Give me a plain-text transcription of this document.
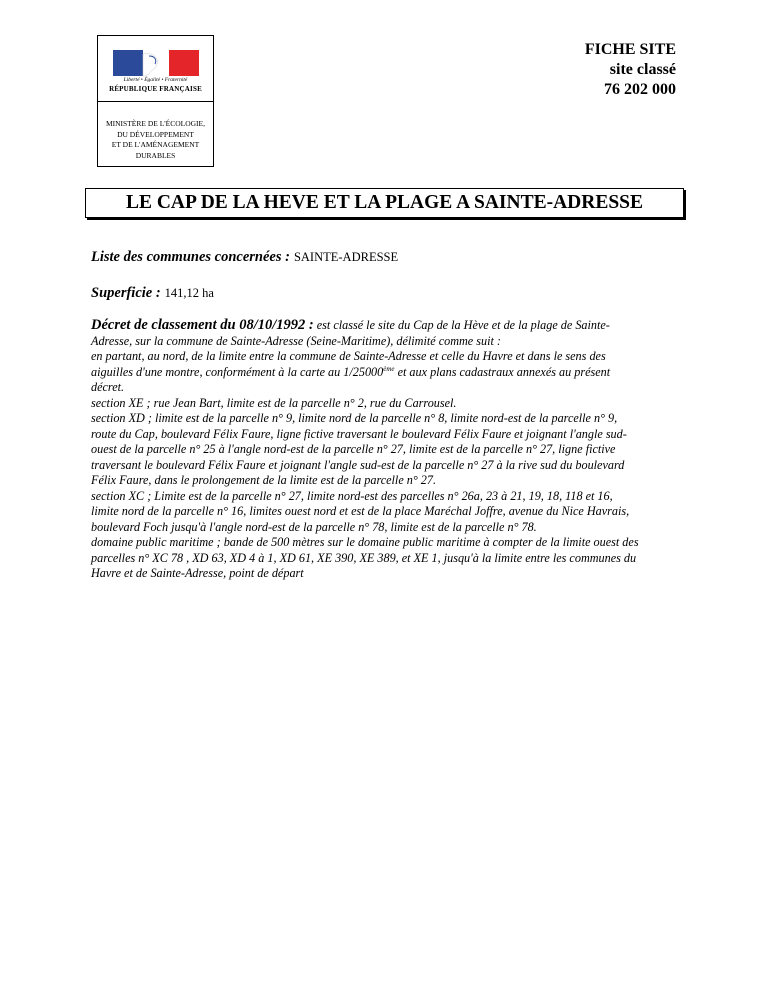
Liberté • Égalité • Fraternité
RÉPUBLIQUE FRANÇAISE
MINISTÈRE DE L'ÉCOLOGIE,
DU DÉVELOPPEMENT
ET DE L'AMÉNAGEMENT
DURABLES
FICHE SITE
site classé
76 202 000
LE CAP DE LA HEVE ET LA PLAGE A SAINTE-ADRESSE
Liste des communes concernées : SAINTE-ADRESSE
Superficie : 141,12 ha
Décret de classement du 08/10/1992 : est classé le site du Cap de la Hève et de la plage de Sainte-
Adresse, sur la commune de Sainte-Adresse (Seine-Maritime), délimité comme suit :
en partant, au nord, de la limite entre la commune de Sainte-Adresse et celle du Havre et dans le sens des
aiguilles d'une montre, conformément à la carte au 1/25000ème et aux plans cadastraux annexés au présent
décret.
section XE ; rue Jean Bart, limite est de la parcelle n° 2, rue du Carrousel.
section XD ; limite est de la parcelle n° 9, limite nord de la parcelle n° 8, limite nord-est de la parcelle n° 9,
route du Cap, boulevard Félix Faure, ligne fictive traversant le boulevard Félix Faure et joignant l'angle sud-
ouest de la parcelle n° 25 à l'angle nord-est de la parcelle n° 27, limite est de la parcelle n° 27, ligne fictive
traversant le boulevard Félix Faure et joignant l'angle sud-est de la parcelle n° 27 à la rive sud du boulevard
Félix Faure, dans le prolongement de la limite est de la parcelle n° 27.
section XC ; Limite est de la parcelle n° 27, limite nord-est des parcelles n° 26a, 23 à 21, 19, 18, 118 et 16,
limite nord de la parcelle n° 16, limites ouest nord et est de la place Maréchal Joffre, avenue du Nice Havrais,
boulevard Foch jusqu'à l'angle nord-est de la parcelle n° 78, limite est de la parcelle n° 78.
domaine public maritime ; bande de 500 mètres sur le domaine public maritime à compter de la limite ouest des
parcelles n° XC 78 , XD 63, XD 4 à 1, XD 61, XE 390, XE 389, et XE 1, jusqu'à la limite entre les communes du
Havre et de Sainte-Adresse, point de départ
